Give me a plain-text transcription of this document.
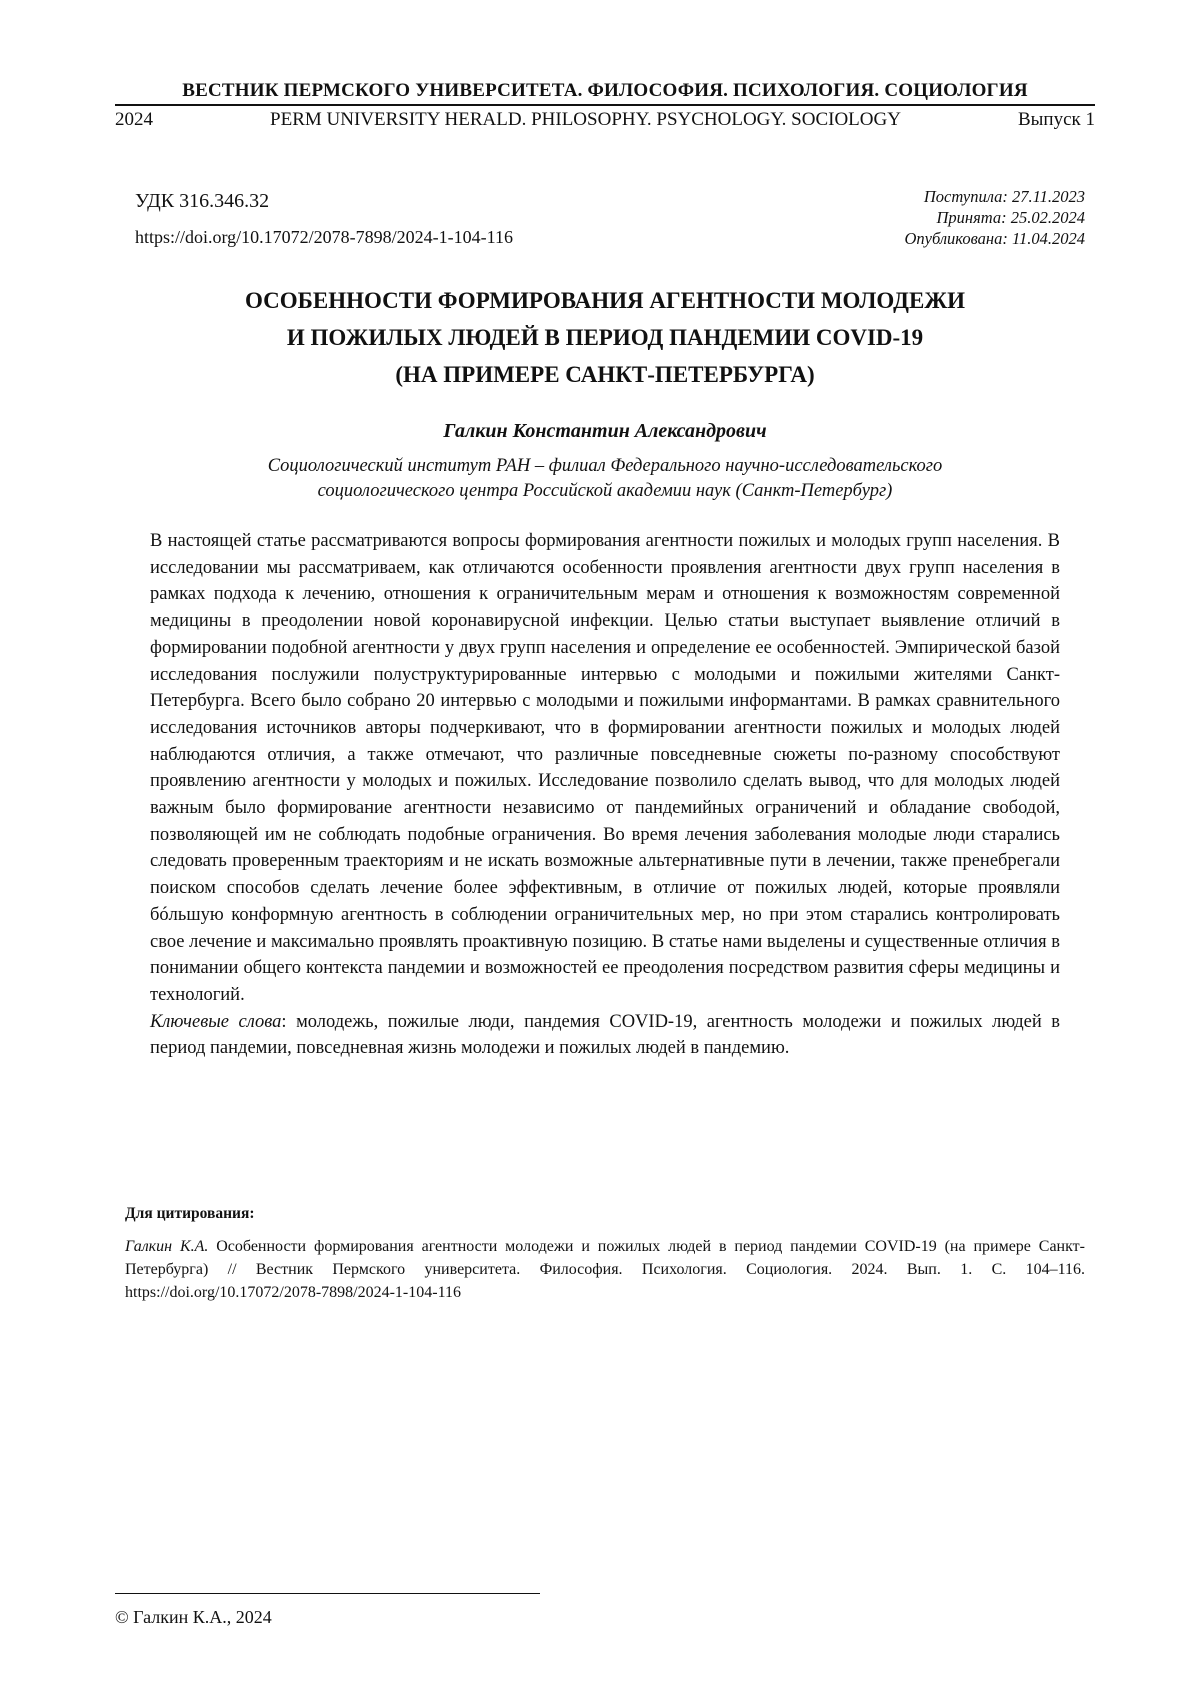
ВЕСТНИК ПЕРМСКОГО УНИВЕРСИТЕТА. ФИЛОСОФИЯ. ПСИХОЛОГИЯ. СОЦИОЛОГИЯ
2024	PERM UNIVERSITY HERALD. PHILOSOPHY. PSYCHOLOGY. SOCIOLOGY	Выпуск 1
УДК 316.346.32
https://doi.org/10.17072/2078-7898/2024-1-104-116
Поступила: 27.11.2023
Принята: 25.02.2024
Опубликована: 11.04.2024
ОСОБЕННОСТИ ФОРМИРОВАНИЯ АГЕНТНОСТИ МОЛОДЕЖИ
И ПОЖИЛЫХ ЛЮДЕЙ В ПЕРИОД ПАНДЕМИИ COVID-19
(НА ПРИМЕРЕ САНКТ-ПЕТЕРБУРГА)
Галкин Константин Александрович
Социологический институт РАН – филиал Федерального научно-исследовательского
социологического центра Российской академии наук (Санкт-Петербург)

В настоящей статье рассматриваются вопросы формирования агентности пожилых и молодых групп населения. В исследовании мы рассматриваем, как отличаются особенности проявления агентности двух групп населения в рамках подхода к лечению, отношения к ограничительным мерам и отношения к возможностям современной медицины в преодолении новой коронавирусной инфекции. Целью статьи выступает выявление отличий в формировании подобной агентности у двух групп населения и определение ее особенностей. Эмпирической базой исследования послужили полуструктурированные интервью с молодыми и пожилыми жителями Санкт-Петербурга. Всего было собрано 20 интервью с молодыми и пожилыми информантами. В рамках сравнительного исследования источников авторы подчеркивают, что в формировании агентности пожилых и молодых людей наблюдаются отличия, а также отмечают, что различные повседневные сюжеты по-разному способствуют проявлению агентности у молодых и пожилых. Исследование позволило сделать вывод, что для молодых людей важным было формирование агентности независимо от пандемийных ограничений и обладание свободой, позволяющей им не соблюдать подобные ограничения. Во время лечения заболевания молодые люди старались следовать проверенным траекториям и не искать возможные альтернативные пути в лечении, также пренебрегали поиском способов сделать лечение более эффективным, в отличие от пожилых людей, которые проявляли бóльшую конформную агентность в соблюдении ограничительных мер, но при этом старались контролировать свое лечение и максимально проявлять проактивную позицию. В статье нами выделены и существенные отличия в понимании общего контекста пандемии и возможностей ее преодоления посредством развития сферы медицины и технологий.

Ключевые слова: молодежь, пожилые люди, пандемия COVID-19, агентность молодежи и пожилых людей в период пандемии, повседневная жизнь молодежи и пожилых людей в пандемию.

Для цитирования:
Галкин К.А. Особенности формирования агентности молодежи и пожилых людей в период пандемии COVID-19 (на примере Санкт-Петербурга) // Вестник Пермского университета. Философия. Психология. Социология. 2024. Вып. 1. С. 104–116. https://doi.org/10.17072/2078-7898/2024-1-104-116
© Галкин К.А., 2024
